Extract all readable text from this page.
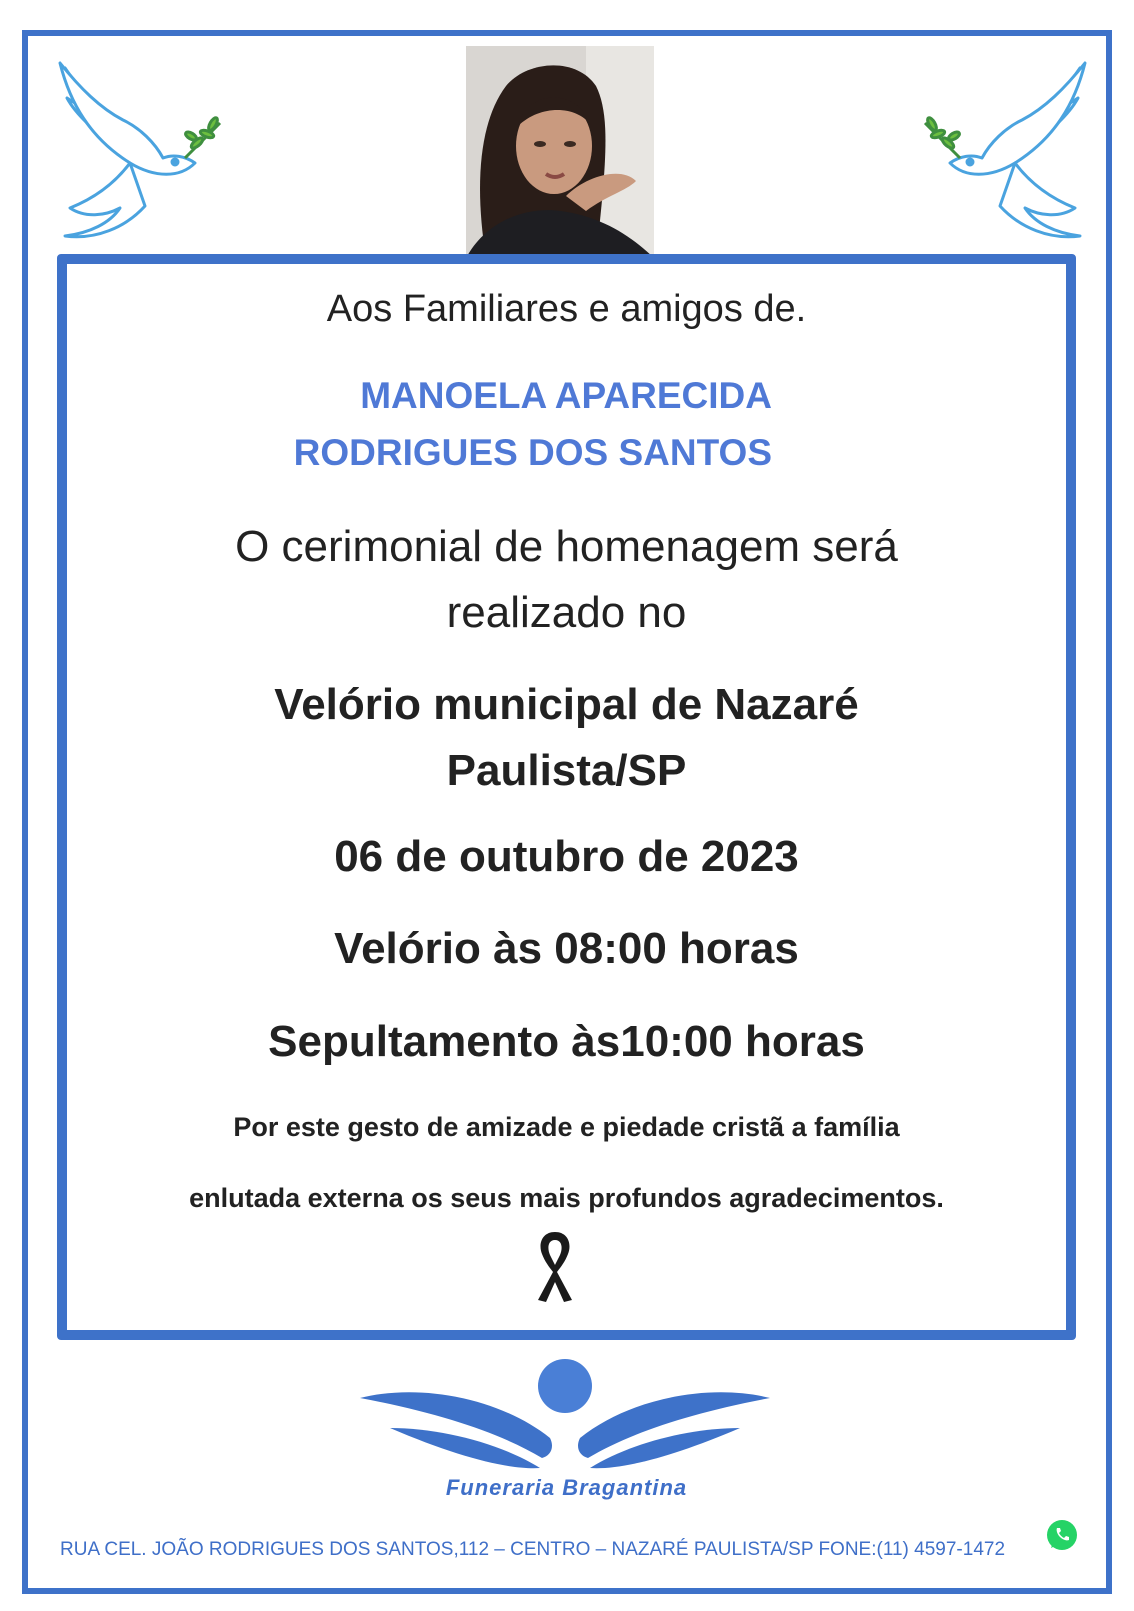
Aos Familiares e amigos de.

MANOELA APARECIDA

RODRIGUES DOS SANTOS

O cerimonial de homenagem será
realizado no
Velório municipal de Nazaré
Paulista/SP

06 de outubro de 2023

Velório às 08:00 horas

Sepultamento às10:00 horas

Por este gesto de amizade e piedade cristã a família

enlutada externa os seus mais profundos agradecimentos.

Funeraria Bragantina

RUA CEL. JOÃO RODRIGUES DOS SANTOS,112 – CENTRO – NAZARÉ PAULISTA/SP FONE:(11) 4597-1472
